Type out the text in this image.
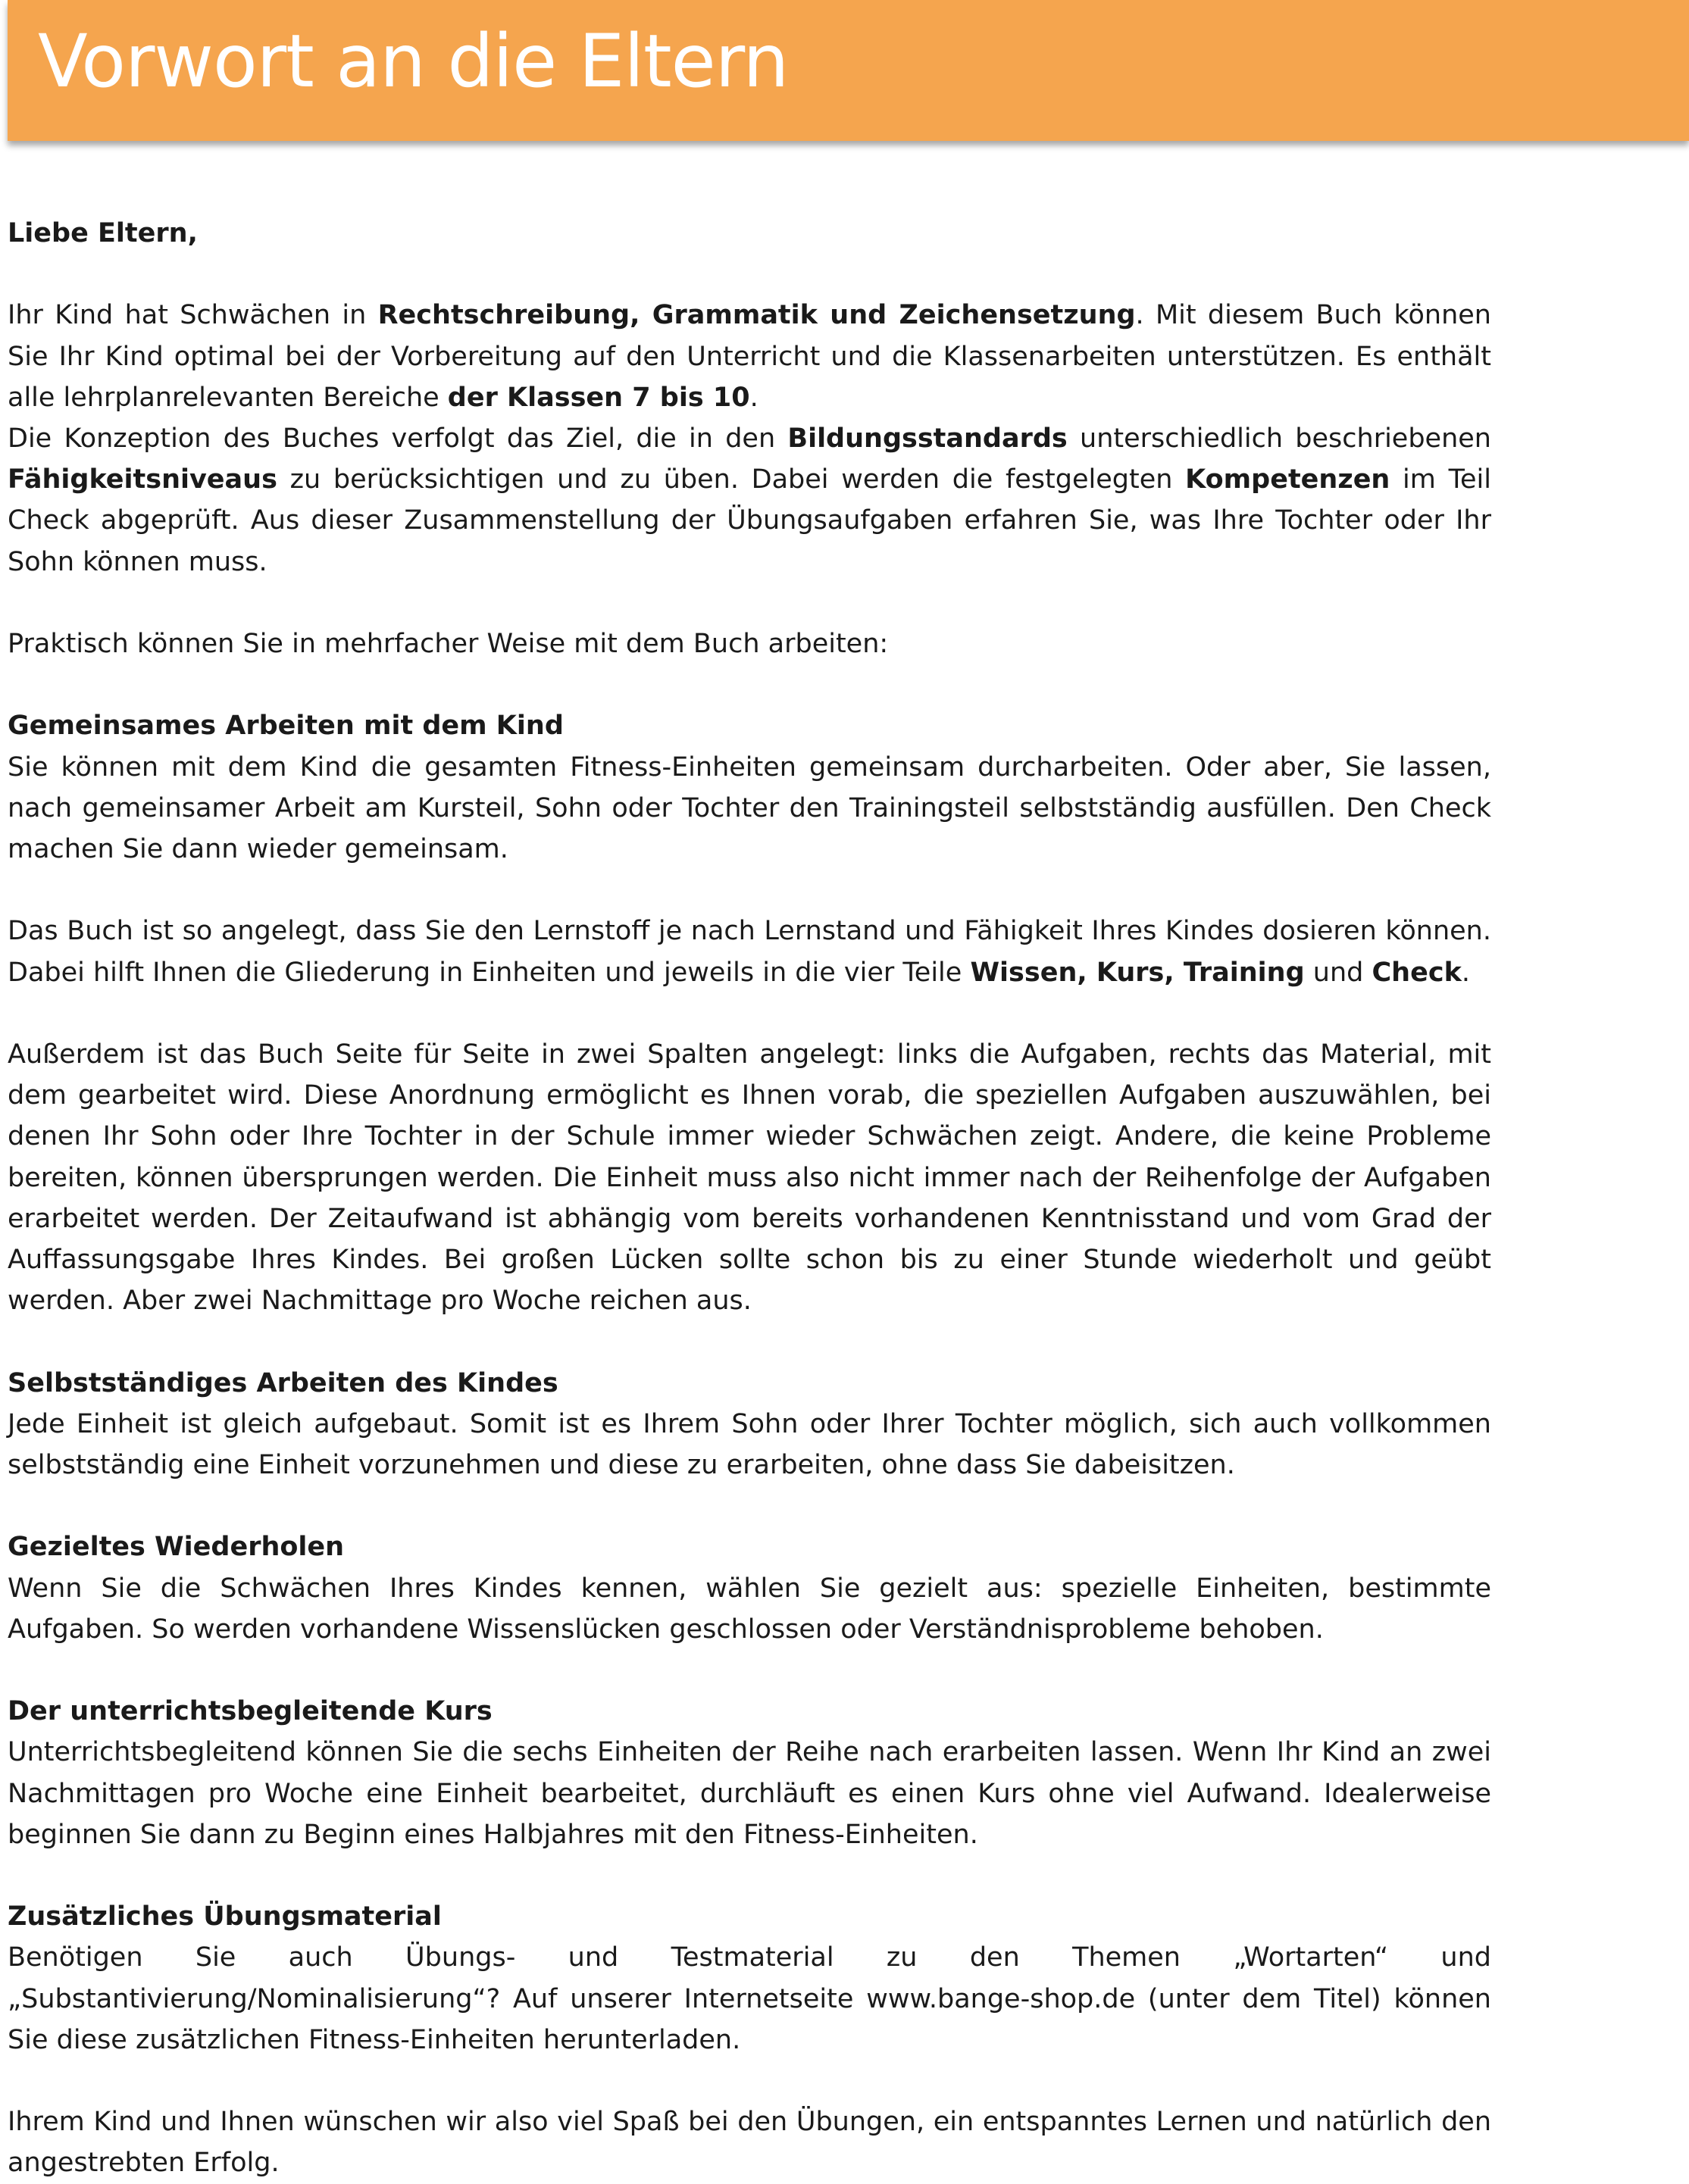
Vorwort an die Eltern

Liebe Eltern,

Ihr Kind hat Schwächen in Rechtschreibung, Grammatik und Zeichensetzung. Mit diesem Buch können Sie Ihr Kind optimal bei der Vorbereitung auf den Unterricht und die Klassenarbeiten unterstützen. Es enthält alle lehrplanrelevanten Bereiche der Klassen 7 bis 10.

Die Konzeption des Buches verfolgt das Ziel, die in den Bildungsstandards unterschiedlich beschriebenen Fähigkeitsniveaus zu berücksichtigen und zu üben. Dabei werden die festgelegten Kompetenzen im Teil Check abgeprüft. Aus dieser Zusammenstellung der Übungsaufgaben erfahren Sie, was Ihre Tochter oder Ihr Sohn können muss.

Praktisch können Sie in mehrfacher Weise mit dem Buch arbeiten:

Gemeinsames Arbeiten mit dem Kind

Sie können mit dem Kind die gesamten Fitness-Einheiten gemeinsam durcharbeiten. Oder aber, Sie lassen, nach gemeinsamer Arbeit am Kursteil, Sohn oder Tochter den Trainingsteil selbstständig ausfüllen. Den Check machen Sie dann wieder gemeinsam.

Das Buch ist so angelegt, dass Sie den Lernstoff je nach Lernstand und Fähigkeit Ihres Kindes dosieren können. Dabei hilft Ihnen die Gliederung in Einheiten und jeweils in die vier Teile Wissen, Kurs, Training und Check.

Außerdem ist das Buch Seite für Seite in zwei Spalten angelegt: links die Aufgaben, rechts das Material, mit dem gearbeitet wird. Diese Anordnung ermöglicht es Ihnen vorab, die speziellen Aufgaben auszuwählen, bei denen Ihr Sohn oder Ihre Tochter in der Schule immer wieder Schwächen zeigt. Andere, die keine Probleme bereiten, können übersprungen werden. Die Einheit muss also nicht immer nach der Reihenfolge der Aufgaben erarbeitet werden. Der Zeitaufwand ist abhängig vom bereits vorhandenen Kenntnisstand und vom Grad der Auffassungsgabe Ihres Kindes. Bei großen Lücken sollte schon bis zu einer Stunde wiederholt und geübt werden. Aber zwei Nachmittage pro Woche reichen aus.

Selbstständiges Arbeiten des Kindes

Jede Einheit ist gleich aufgebaut. Somit ist es Ihrem Sohn oder Ihrer Tochter möglich, sich auch vollkommen selbstständig eine Einheit vorzunehmen und diese zu erarbeiten, ohne dass Sie dabeisitzen.

Gezieltes Wiederholen

Wenn Sie die Schwächen Ihres Kindes kennen, wählen Sie gezielt aus: spezielle Einheiten, bestimmte Aufgaben. So werden vorhandene Wissenslücken geschlossen oder Verständnisprobleme behoben.

Der unterrichtsbegleitende Kurs

Unterrichtsbegleitend können Sie die sechs Einheiten der Reihe nach erarbeiten lassen. Wenn Ihr Kind an zwei Nachmittagen pro Woche eine Einheit bearbeitet, durchläuft es einen Kurs ohne viel Aufwand. Idealerweise beginnen Sie dann zu Beginn eines Halbjahres mit den Fitness-Einheiten.

Zusätzliches Übungsmaterial

Benötigen Sie auch Übungs- und Testmaterial zu den Themen „Wortarten“ und „Substantivierung/Nominalisierung“? Auf unserer Internetseite www.bange-shop.de (unter dem Titel) können Sie diese zusätzlichen Fitness-Einheiten herunterladen.

Ihrem Kind und Ihnen wünschen wir also viel Spaß bei den Übungen, ein entspanntes Lernen und natürlich den angestrebten Erfolg.
